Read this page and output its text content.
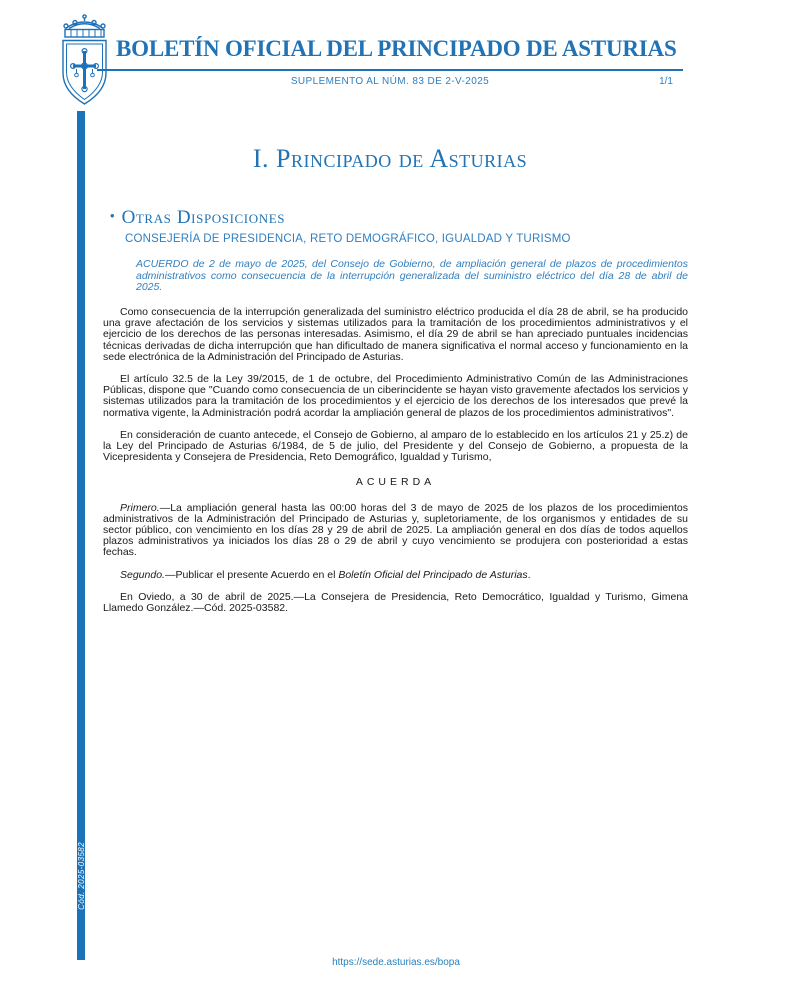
BOLETÍN OFICIAL DEL PRINCIPADO DE ASTURIAS
SUPLEMENTO AL NÚM. 83 DE 2-V-2025	1/1
Cód. 2025-03582
I. Principado de Asturias
• Otras Disposiciones
CONSEJERÍA DE PRESIDENCIA, RETO DEMOGRÁFICO, IGUALDAD Y TURISMO
ACUERDO de 2 de mayo de 2025, del Consejo de Gobierno, de ampliación general de plazos de procedimientos administrativos como consecuencia de la interrupción generalizada del suministro eléctrico del día 28 de abril de 2025.

Como consecuencia de la interrupción generalizada del suministro eléctrico producida el día 28 de abril, se ha producido una grave afectación de los servicios y sistemas utilizados para la tramitación de los procedimientos administrativos y el ejercicio de los derechos de las personas interesadas. Asimismo, el día 29 de abril se han apreciado puntuales incidencias técnicas derivadas de dicha interrupción que han dificultado de manera significativa el normal acceso y funcionamiento en la sede electrónica de la Administración del Principado de Asturias.

El artículo 32.5 de la Ley 39/2015, de 1 de octubre, del Procedimiento Administrativo Común de las Administraciones Públicas, dispone que "Cuando como consecuencia de un ciberincidente se hayan visto gravemente afectados los servicios y sistemas utilizados para la tramitación de los procedimientos y el ejercicio de los derechos de los interesados que prevé la normativa vigente, la Administración podrá acordar la ampliación general de plazos de los procedimientos administrativos".

En consideración de cuanto antecede, el Consejo de Gobierno, al amparo de lo establecido en los artículos 21 y 25.z) de la Ley del Principado de Asturias 6/1984, de 5 de julio, del Presidente y del Consejo de Gobierno, a propuesta de la Vicepresidenta y Consejera de Presidencia, Reto Demográfico, Igualdad y Turismo,

ACUERDA

Primero.—La ampliación general hasta las 00:00 horas del 3 de mayo de 2025 de los plazos de los procedimientos administrativos de la Administración del Principado de Asturias y, supletoriamente, de los organismos y entidades de su sector público, con vencimiento en los días 28 y 29 de abril de 2025. La ampliación general en dos días de todos aquellos plazos administrativos ya iniciados los días 28 o 29 de abril y cuyo vencimiento se produjera con posterioridad a estas fechas.

Segundo.—Publicar el presente Acuerdo en el Boletín Oficial del Principado de Asturias.

En Oviedo, a 30 de abril de 2025.—La Consejera de Presidencia, Reto Democrático, Igualdad y Turismo, Gimena Llamedo González.—Cód. 2025-03582.

https://sede.asturias.es/bopa
